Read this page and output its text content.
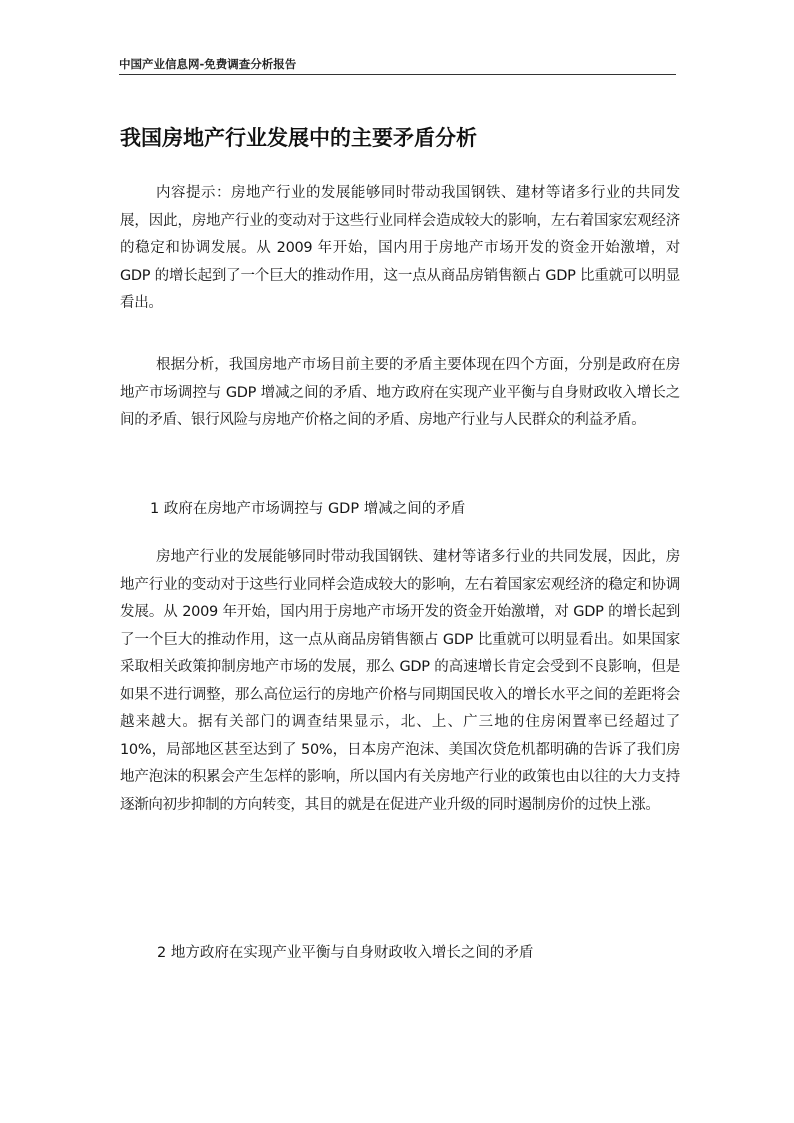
中国产业信息网-免费调查分析报告
我国房地产行业发展中的主要矛盾分析

内容提示：房地产行业的发展能够同时带动我国钢铁、建材等诸多行业的共同发展，因此，房地产行业的变动对于这些行业同样会造成较大的影响，左右着国家宏观经济的稳定和协调发展。从 2009 年开始，国内用于房地产市场开发的资金开始激增，对 GDP 的增长起到了一个巨大的推动作用，这一点从商品房销售额占 GDP 比重就可以明显看出。

根据分析，我国房地产市场目前主要的矛盾主要体现在四个方面，分别是政府在房地产市场调控与 GDP 增减之间的矛盾、地方政府在实现产业平衡与自身财政收入增长之间的矛盾、银行风险与房地产价格之间的矛盾、房地产行业与人民群众的利益矛盾。

1 政府在房地产市场调控与 GDP 增减之间的矛盾

房地产行业的发展能够同时带动我国钢铁、建材等诸多行业的共同发展，因此，房地产行业的变动对于这些行业同样会造成较大的影响，左右着国家宏观经济的稳定和协调发展。从 2009 年开始，国内用于房地产市场开发的资金开始激增，对 GDP 的增长起到了一个巨大的推动作用，这一点从商品房销售额占 GDP 比重就可以明显看出。如果国家采取相关政策抑制房地产市场的发展，那么 GDP 的高速增长肯定会受到不良影响，但是如果不进行调整，那么高位运行的房地产价格与同期国民收入的增长水平之间的差距将会越来越大。据有关部门的调查结果显示，北、上、广三地的住房闲置率已经超过了 10%，局部地区甚至达到了 50%，日本房产泡沫、美国次贷危机都明确的告诉了我们房地产泡沫的积累会产生怎样的影响，所以国内有关房地产行业的政策也由以往的大力支持逐渐向初步抑制的方向转变，其目的就是在促进产业升级的同时遏制房价的过快上涨。

2 地方政府在实现产业平衡与自身财政收入增长之间的矛盾
